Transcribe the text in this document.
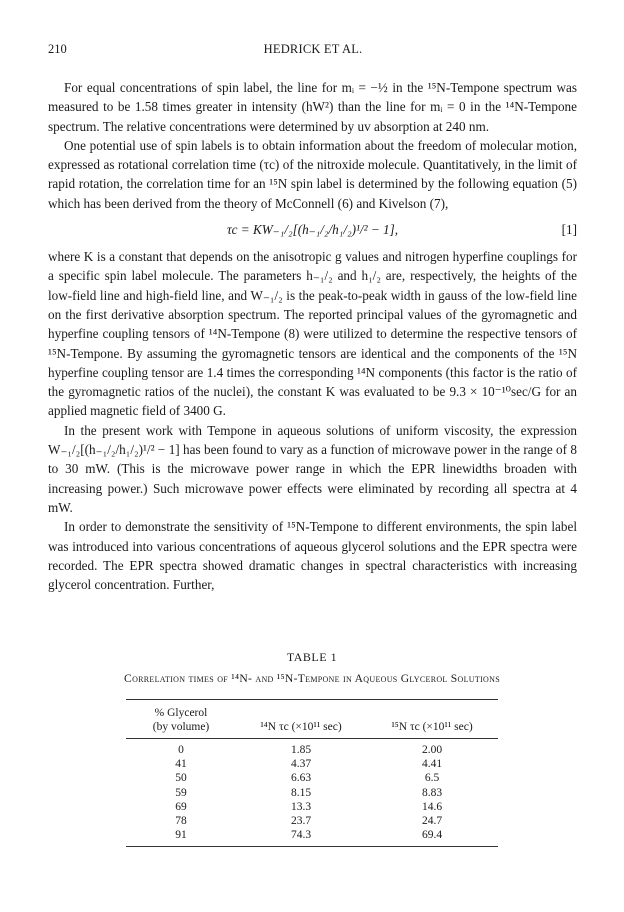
210	HEDRICK ET AL.

For equal concentrations of spin label, the line for mᵢ = −½ in the ¹⁵N-Tempone spectrum was measured to be 1.58 times greater in intensity (hW²) than the line for mᵢ = 0 in the ¹⁴N-Tempone spectrum. The relative concentrations were determined by uv absorption at 240 nm.

One potential use of spin labels is to obtain information about the freedom of molecular motion, expressed as rotational correlation time (τc) of the nitroxide molecule. Quantitatively, in the limit of rapid rotation, the correlation time for an ¹⁵N spin label is determined by the following equation (5) which has been derived from the theory of McConnell (6) and Kivelson (7),

τc = KW₋₁/₂[(h₋₁/₂/h₁/₂)¹/² − 1],	[1]

where K is a constant that depends on the anisotropic g values and nitrogen hyperfine couplings for a specific spin label molecule. The parameters h₋₁/₂ and h₁/₂ are, respectively, the heights of the low-field line and high-field line, and W₋₁/₂ is the peak-to-peak width in gauss of the low-field line on the first derivative absorption spectrum. The reported principal values of the gyromagnetic and hyperfine coupling tensors of ¹⁴N-Tempone (8) were utilized to determine the respective tensors of ¹⁵N-Tempone. By assuming the gyromagnetic tensors are identical and the components of the ¹⁵N hyperfine coupling tensor are 1.4 times the corresponding ¹⁴N components (this factor is the ratio of the gyromagnetic ratios of the nuclei), the constant K was evaluated to be 9.3 × 10⁻¹⁰sec/G for an applied magnetic field of 3400 G.

In the present work with Tempone in aqueous solutions of uniform viscosity, the expression W₋₁/₂[(h₋₁/₂/h₁/₂)¹/² − 1] has been found to vary as a function of microwave power in the range of 8 to 30 mW. (This is the microwave power range in which the EPR linewidths broaden with increasing power.) Such microwave power effects were eliminated by recording all spectra at 4 mW.

In order to demonstrate the sensitivity of ¹⁵N-Tempone to different environments, the spin label was introduced into various concentrations of aqueous glycerol solutions and the EPR spectra were recorded. The EPR spectra showed dramatic changes in spectral characteristics with increasing glycerol concentration. Further,

TABLE 1
Correlation times of ¹⁴N- and ¹⁵N-Tempone in Aqueous Glycerol Solutions
% Glycerol
(by volume)	¹⁴N τc (×10¹¹ sec)	¹⁵N τc (×10¹¹ sec)
0	1.85	2.00
41	4.37	4.41
50	6.63	6.5
59	8.15	8.83
69	13.3	14.6
78	23.7	24.7
91	74.3	69.4
